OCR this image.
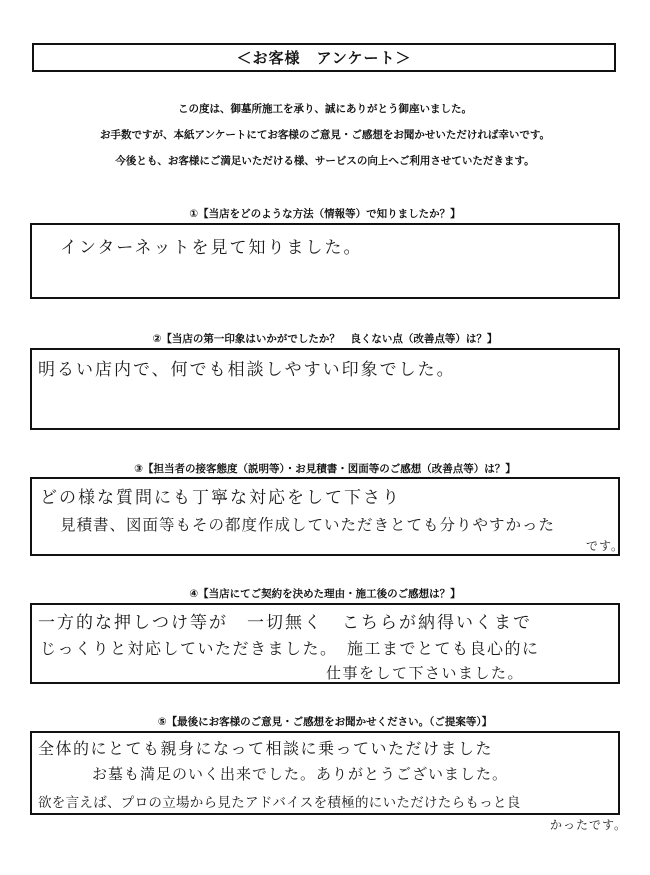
＜お客様　アンケート＞
この度は、御墓所施工を承り、誠にありがとう御座いました。
お手数ですが、本紙アンケートにてお客様のご意見・ご感想をお聞かせいただければ幸いです。
今後とも、お客様にご満足いただける様、サービスの向上へご利用させていただきます。
①【当店をどのような方法（情報等）で知りましたか？】
インターネットを見て知りました。
②【当店の第一印象はいかがでしたか？　良くない点（改善点等）は？】
明るい店内で、何でも相談しやすい印象でした。
③【担当者の接客態度（説明等）・お見積書・図面等のご感想（改善点等）は？】
どの様な質問にも丁寧な対応をして下さり
見積書、図面等もその都度作成していただきとても分りやすかった
です。
④【当店にてご契約を決めた理由・施工後のご感想は？】
一方的な押しつけ等が　一切無く　こちらが納得いくまで
じっくりと対応していただきました。　施工までとても良心的に
仕事をして下さいました。
⑤【最後にお客様のご意見・ご感想をお聞かせください。（ご提案等）】
全体的にとても親身になって相談に乗っていただけました
お墓も満足のいく出来でした。ありがとうございました。
欲を言えば、プロの立場から見たアドバイスを積極的にいただけたらもっと良
かったです。
